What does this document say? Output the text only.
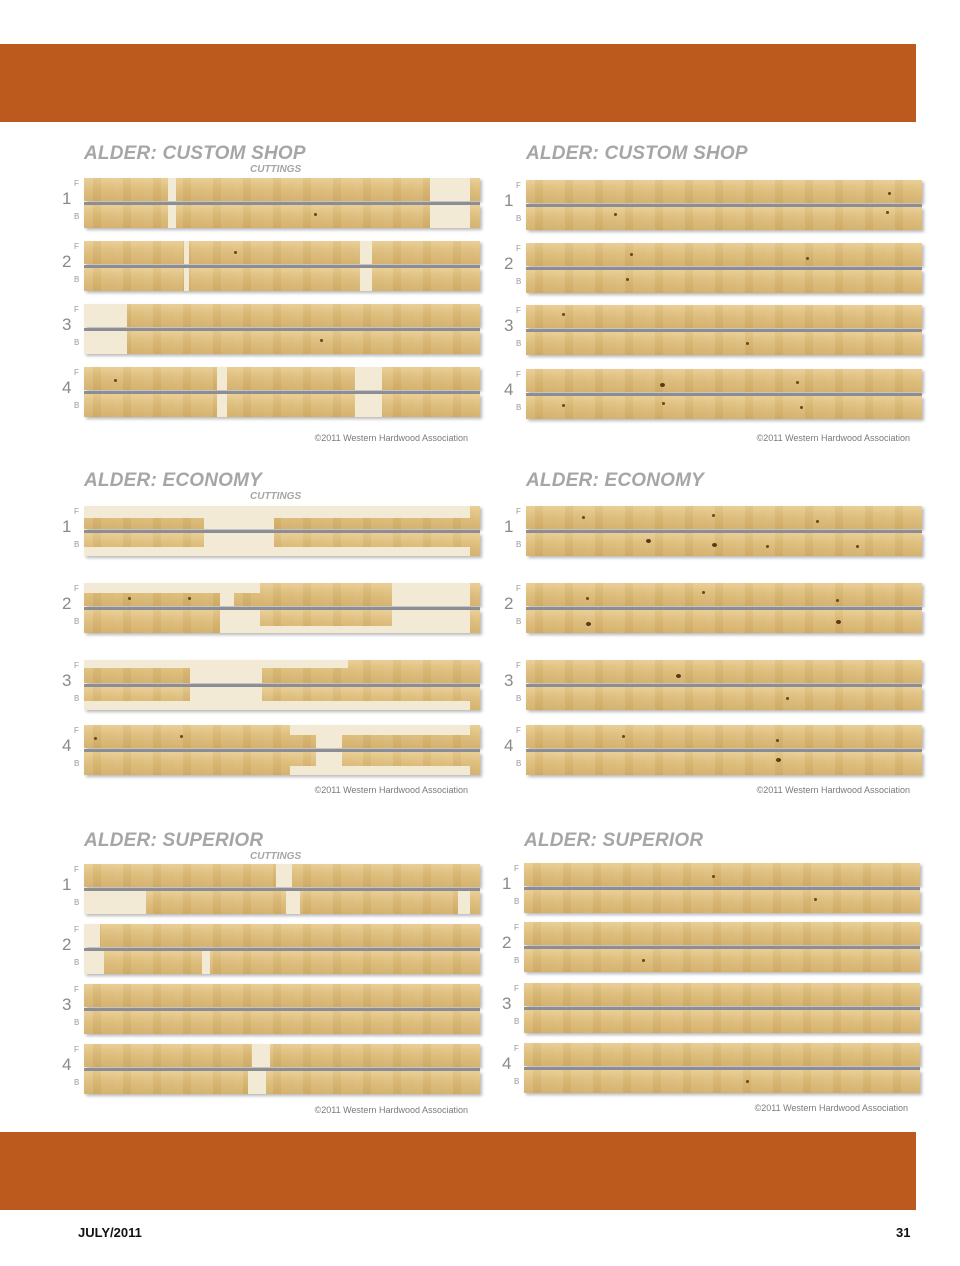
ALDER: CUSTOM SHOP
CUTTINGS
1
F
B
2
F
B
3
F
B
4
F
B
©2011 Western Hardwood Association
ALDER: CUSTOM SHOP
1
F
B
2
F
B
3
F
B
4
F
B
©2011 Western Hardwood Association
ALDER: ECONOMY
CUTTINGS
1
F
B
2
F
B
3
F
B
4
F
B
©2011 Western Hardwood Association
ALDER: ECONOMY
1
F
B
2
F
B
3
F
B
4
F
B
©2011 Western Hardwood Association
ALDER: SUPERIOR
CUTTINGS
1
F
B
2
F
B
3
F
B
4
F
B
©2011 Western Hardwood Association
ALDER: SUPERIOR
1
F
B
2
F
B
3
F
B
4
F
B
©2011 Western Hardwood Association
JULY/2011	31
